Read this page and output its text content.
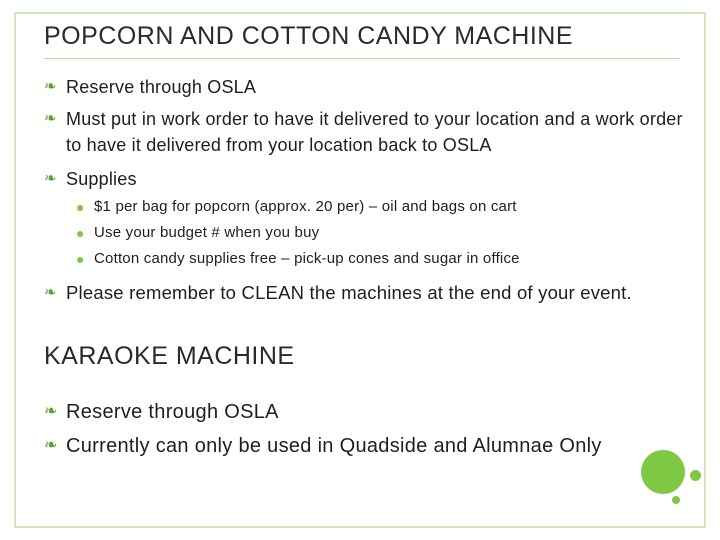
POPCORN AND COTTON CANDY MACHINE
❧ Reserve through OSLA
❧ Must put in work order to have it delivered to your location and a work order to have it delivered from your location back to OSLA
❧ Supplies
● $1 per bag for popcorn (approx. 20 per) – oil and bags on cart
● Use your budget # when you buy
● Cotton candy supplies free – pick-up cones and sugar in office
❧ Please remember to CLEAN the machines at the end of your event.
KARAOKE MACHINE
❧ Reserve through OSLA
❧ Currently can only be used in Quadside and Alumnae Only
